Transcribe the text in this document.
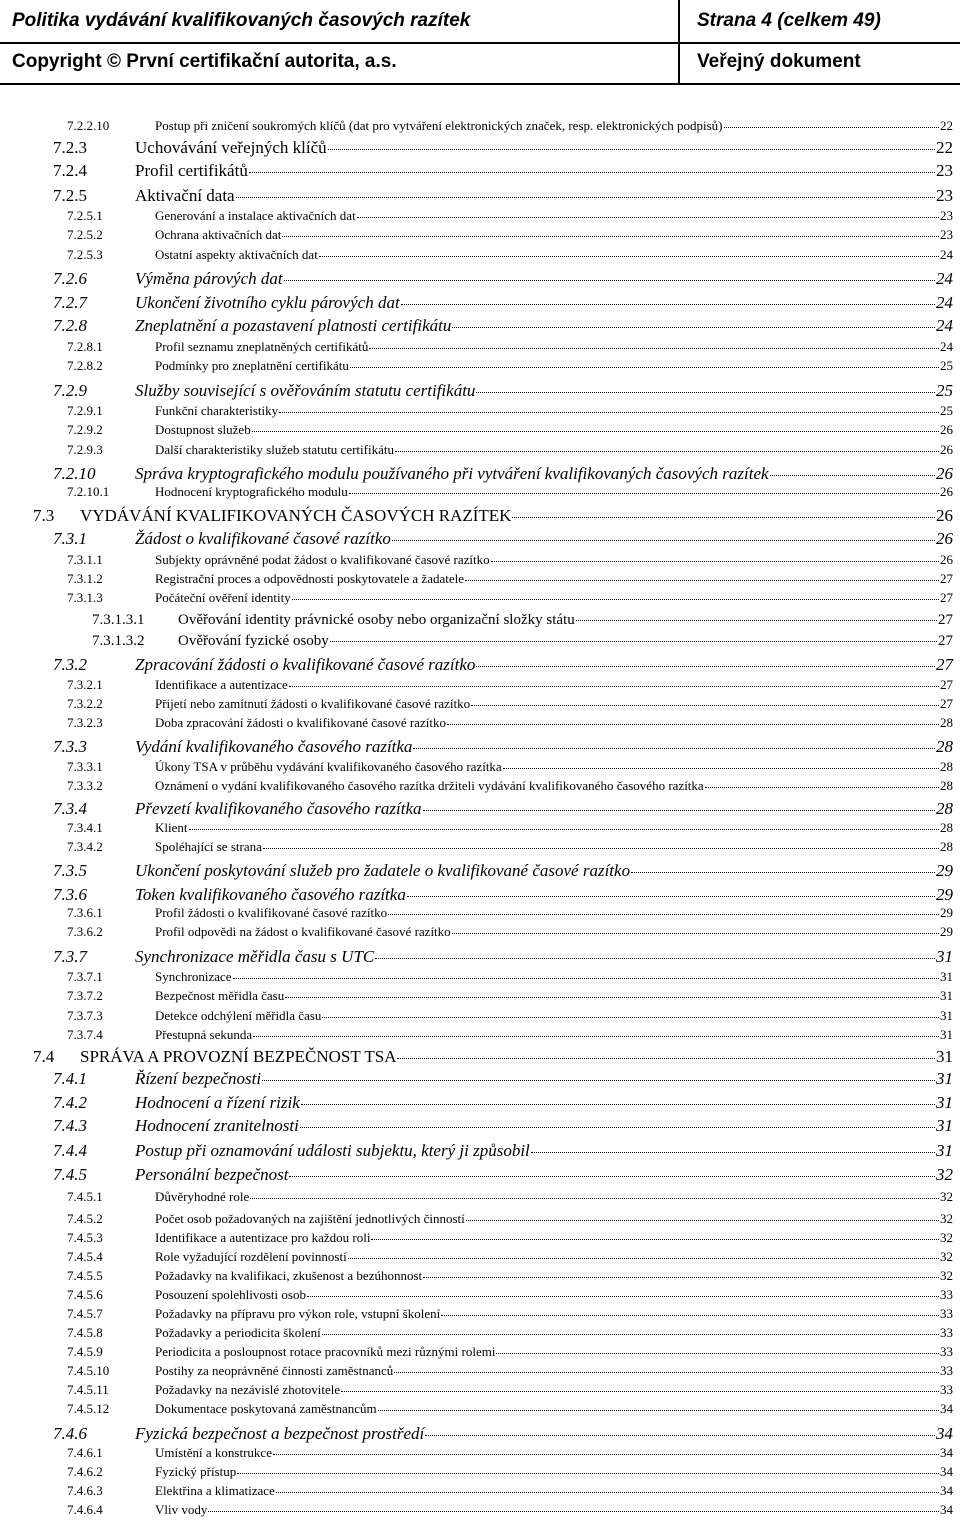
Politika vydávání kvalifikovaných časových razítek	Strana 4 (celkem 49)
Copyright © První certifikační autorita, a.s.	Veřejný dokument
7.2.2.10	Postup při zničení soukromých klíčů (dat pro vytváření elektronických značek, resp. elektronických podpisů)	22
7.2.3	Uchovávání veřejných klíčů	22
7.2.4	Profil certifikátů	23
7.2.5	Aktivační data	23
7.2.5.1	Generování a instalace aktivačních dat	23
7.2.5.2	Ochrana aktivačních dat	23
7.2.5.3	Ostatní aspekty aktivačních dat	24
7.2.6	Výměna párových dat	24
7.2.7	Ukončení životního cyklu párových dat	24
7.2.8	Zneplatnění a pozastavení platnosti certifikátu	24
7.2.8.1	Profil seznamu zneplatněných certifikátů	24
7.2.8.2	Podmínky pro zneplatnění certifikátu	25
7.2.9	Služby související s ověřováním statutu certifikátu	25
7.2.9.1	Funkční charakteristiky	25
7.2.9.2	Dostupnost služeb	26
7.2.9.3	Další charakteristiky služeb statutu certifikátu	26
7.2.10	Správa kryptografického modulu používaného při vytváření kvalifikovaných časových razítek	26
7.2.10.1	Hodnocení kryptografického modulu	26
7.3	VYDÁVÁNÍ KVALIFIKOVANÝCH ČASOVÝCH RAZÍTEK	26
7.3.1	Žádost o kvalifikované časové razítko	26
7.3.1.1	Subjekty oprávněné podat žádost o kvalifikované časové razítko	26
7.3.1.2	Registrační proces a odpovědnosti poskytovatele a žadatele	27
7.3.1.3	Počáteční ověření identity	27
7.3.1.3.1	Ověřování identity právnické osoby nebo organizační složky státu	27
7.3.1.3.2	Ověřování fyzické osoby	27
7.3.2	Zpracování žádosti o kvalifikované časové razítko	27
7.3.2.1	Identifikace a autentizace	27
7.3.2.2	Přijetí nebo zamítnutí žádosti o kvalifikované časové razítko	27
7.3.2.3	Doba zpracování žádosti o kvalifikované časové razítko	28
7.3.3	Vydání kvalifikovaného časového razítka	28
7.3.3.1	Úkony TSA v průběhu vydávání kvalifikovaného časového razítka	28
7.3.3.2	Oznámení o vydání kvalifikovaného časového razítka držiteli vydávání kvalifikovaného časového razítka	28
7.3.4	Převzetí kvalifikovaného časového razítka	28
7.3.4.1	Klient	28
7.3.4.2	Spoléhající se strana	28
7.3.5	Ukončení poskytování služeb pro žadatele o kvalifikované časové razítko	29
7.3.6	Token kvalifikovaného časového razítka	29
7.3.6.1	Profil žádosti o kvalifikované časové razítko	29
7.3.6.2	Profil odpovědi na žádost o kvalifikované časové razítko	29
7.3.7	Synchronizace měřidla času s UTC	31
7.3.7.1	Synchronizace	31
7.3.7.2	Bezpečnost měřidla času	31
7.3.7.3	Detekce odchýlení měřidla času	31
7.3.7.4	Přestupná sekunda	31
7.4	SPRÁVA A PROVOZNÍ BEZPEČNOST TSA	31
7.4.1	Řízení bezpečnosti	31
7.4.2	Hodnocení a řízení rizik	31
7.4.3	Hodnocení zranitelnosti	31
7.4.4	Postup při oznamování události subjektu, který ji způsobil	31
7.4.5	Personální bezpečnost	32
7.4.5.1	Důvěryhodné role	32
7.4.5.2	Počet osob požadovaných na zajištění jednotlivých činností	32
7.4.5.3	Identifikace a autentizace pro každou roli	32
7.4.5.4	Role vyžadující rozdělení povinností	32
7.4.5.5	Požadavky na kvalifikaci, zkušenost a bezúhonnost	32
7.4.5.6	Posouzení spolehlivosti osob	33
7.4.5.7	Požadavky na přípravu pro výkon role, vstupní školení	33
7.4.5.8	Požadavky a periodicita školení	33
7.4.5.9	Periodicita a posloupnost rotace pracovníků mezi různými rolemi	33
7.4.5.10	Postihy za neoprávněné činnosti zaměstnanců	33
7.4.5.11	Požadavky na nezávislé zhotovitele	33
7.4.5.12	Dokumentace poskytovaná zaměstnancům	34
7.4.6	Fyzická bezpečnost a bezpečnost prostředí	34
7.4.6.1	Umístění a konstrukce	34
7.4.6.2	Fyzický přístup	34
7.4.6.3	Elektřina a klimatizace	34
7.4.6.4	Vliv vody	34
